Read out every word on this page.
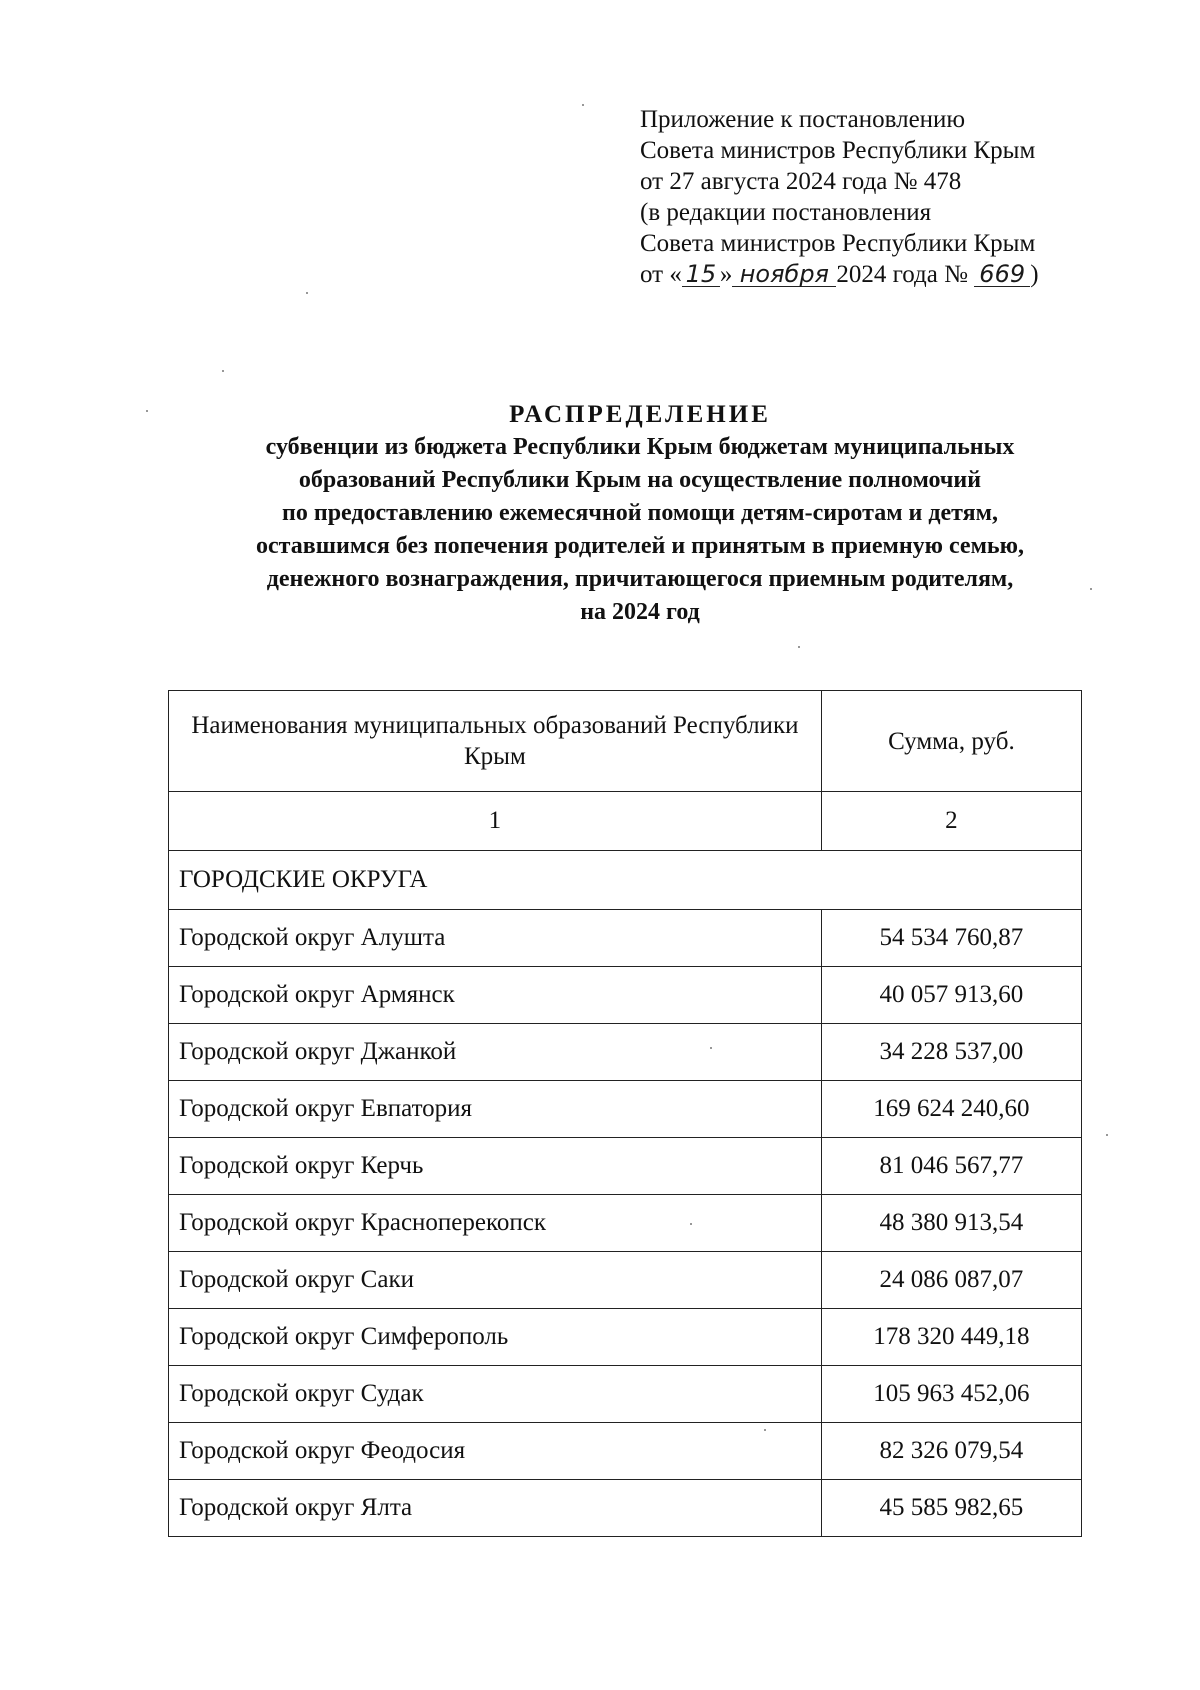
Приложение к постановлению
Совета министров Республики Крым
от 27 августа 2024 года № 478
(в редакции постановления
Совета министров Республики Крым
от « 15 » ноября 2024 года № 669 )
РАСПРЕДЕЛЕНИЕ
субвенции из бюджета Республики Крым бюджетам муниципальных
образований Республики Крым на осуществление полномочий
по предоставлению ежемесячной помощи детям-сиротам и детям,
оставшимся без попечения родителей и принятым в приемную семью,
денежного вознаграждения, причитающегося приемным родителям,
на 2024 год
Наименования муниципальных образований Республики Крым	Сумма, руб.
1	2
ГОРОДСКИЕ ОКРУГА	
Городской округ Алушта	54 534 760,87
Городской округ Армянск	40 057 913,60
Городской округ Джанкой	34 228 537,00
Городской округ Евпатория	169 624 240,60
Городской округ Керчь	81 046 567,77
Городской округ Красноперекопск	48 380 913,54
Городской округ Саки	24 086 087,07
Городской округ Симферополь	178 320 449,18
Городской округ Судак	105 963 452,06
Городской округ Феодосия	82 326 079,54
Городской округ Ялта	45 585 982,65
